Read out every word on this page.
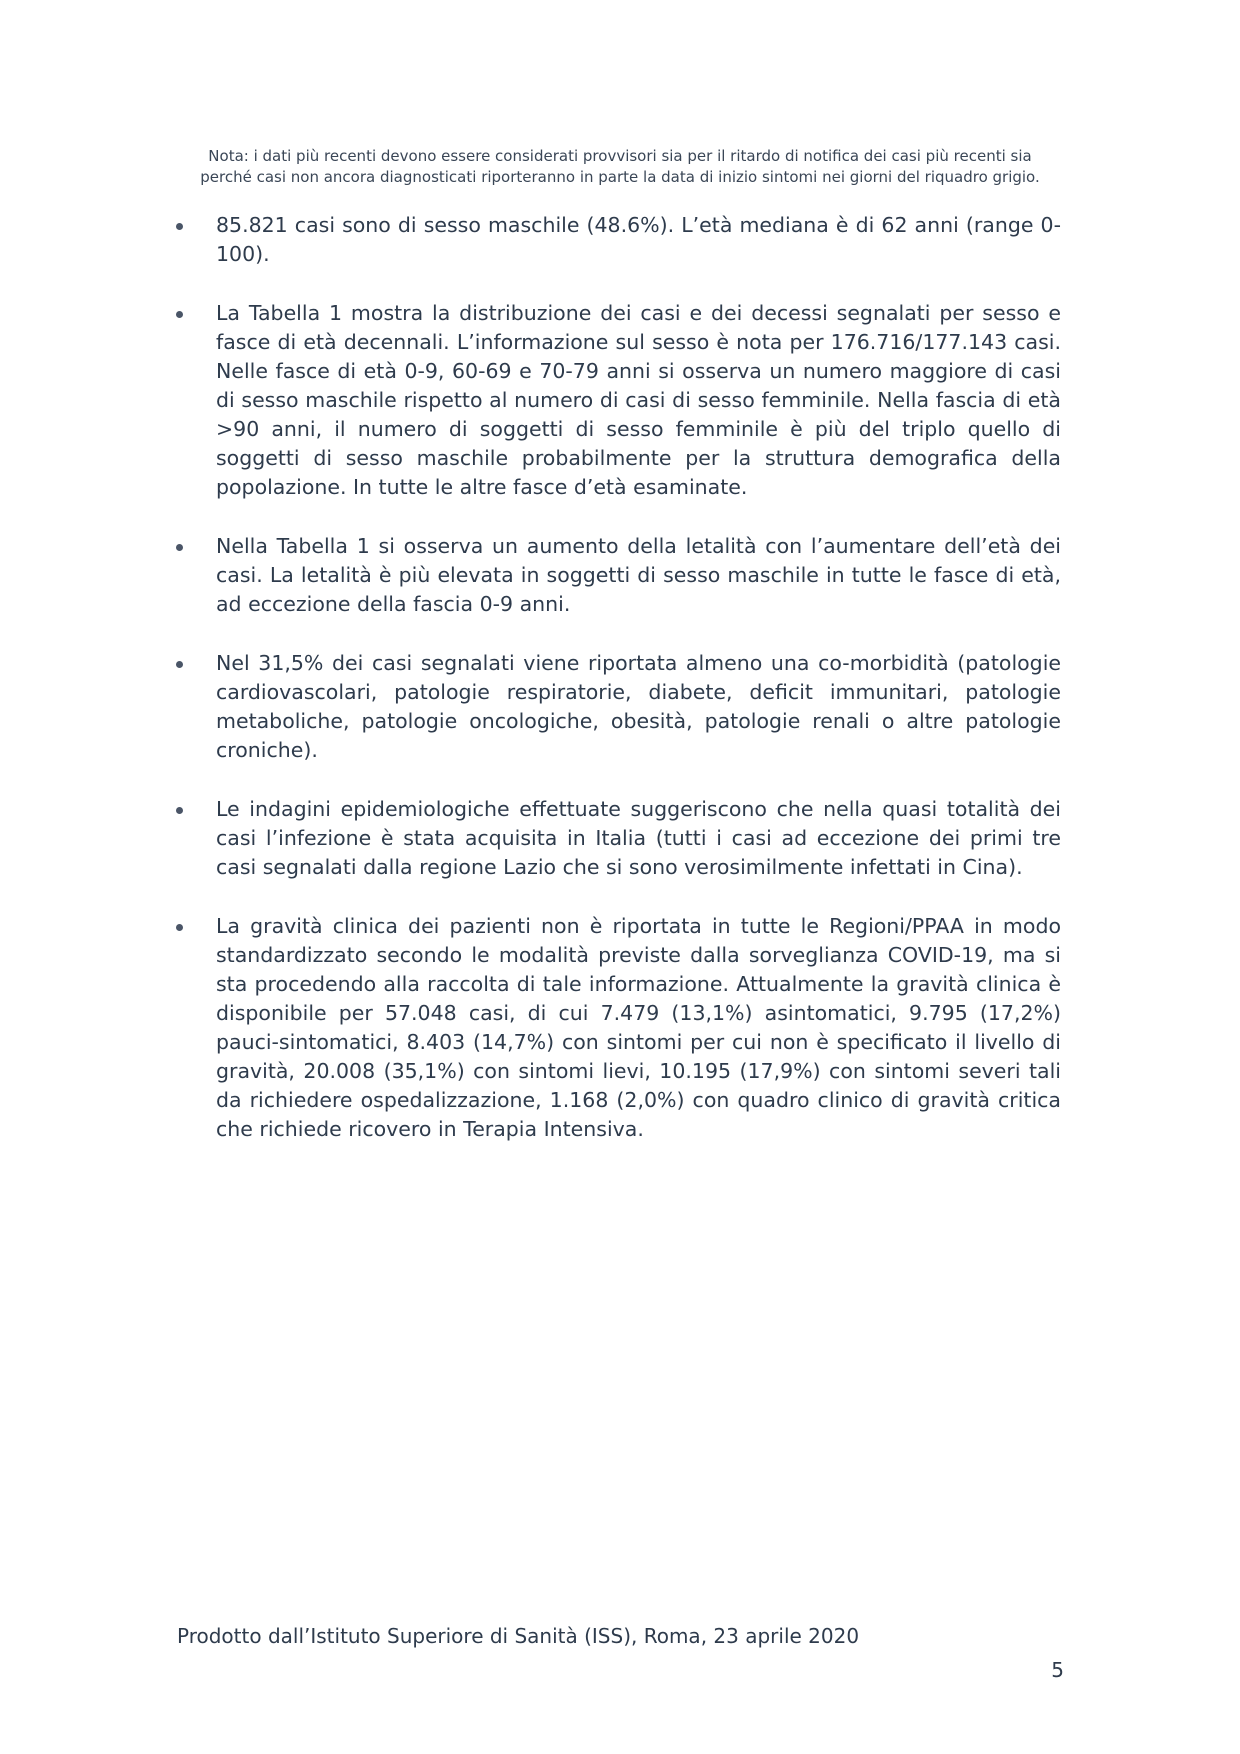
Nota: i dati più recenti devono essere considerati provvisori sia per il ritardo di notifica dei casi più recenti sia

perché casi non ancora diagnosticati riporteranno in parte la data di inizio sintomi nei giorni del riquadro grigio.

85.821 casi sono di sesso maschile (48.6%). L’età mediana è di 62 anni (range 0-100).
La Tabella 1 mostra la distribuzione dei casi e dei decessi segnalati per sesso e fasce di età decennali. L’informazione sul sesso è nota per 176.716/177.143 casi. Nelle fasce di età 0-9, 60-69 e 70-79 anni si osserva un numero maggiore di casi di sesso maschile rispetto al numero di casi di sesso femminile. Nella fascia di età >90 anni, il numero di soggetti di sesso femminile è più del triplo quello di soggetti di sesso maschile probabilmente per la struttura demografica della popolazione. In tutte le altre fasce d’età esaminate.
Nella Tabella 1 si osserva un aumento della letalità con l’aumentare dell’età dei casi. La letalità è più elevata in soggetti di sesso maschile in tutte le fasce di età, ad eccezione della fascia 0-9 anni.
Nel 31,5% dei casi segnalati viene riportata almeno una co-morbidità (patologie cardiovascolari, patologie respiratorie, diabete, deficit immunitari, patologie metaboliche, patologie oncologiche, obesità, patologie renali o altre patologie croniche).
Le indagini epidemiologiche effettuate suggeriscono che nella quasi totalità dei casi l’infezione è stata acquisita in Italia (tutti i casi ad eccezione dei primi tre casi segnalati dalla regione Lazio che si sono verosimilmente infettati in Cina).
La gravità clinica dei pazienti non è riportata in tutte le Regioni/PPAA in modo standardizzato secondo le modalità previste dalla sorveglianza COVID-19, ma si sta procedendo alla raccolta di tale informazione. Attualmente la gravità clinica è disponibile per 57.048 casi, di cui 7.479 (13,1%) asintomatici, 9.795 (17,2%) pauci-sintomatici, 8.403 (14,7%) con sintomi per cui non è specificato il livello di gravità, 20.008 (35,1%) con sintomi lievi, 10.195 (17,9%) con sintomi severi tali da richiedere ospedalizzazione, 1.168 (2,0%) con quadro clinico di gravità critica che richiede ricovero in Terapia Intensiva.
Prodotto dall’Istituto Superiore di Sanità (ISS), Roma, 23 aprile 2020
5
